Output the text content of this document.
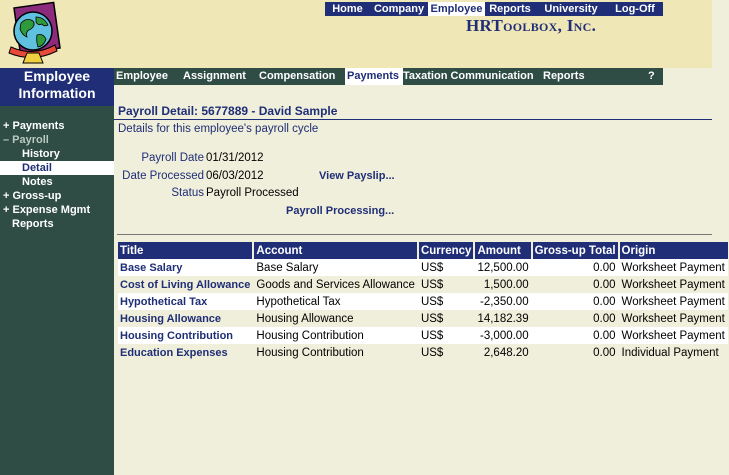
Home	Company Employee Reports	University	Log-Off
HRToolbox, Inc.
Employee
Information
+ Payments
– Payroll
History
Detail
Notes
+ Gross-up
+ Expense Mgmt
Reports
Employee	Assignment	Compensation	Payments Taxation Communication Reports	?
Payroll Detail: 5677889 - David Sample
Details for this employee's payroll cycle
Payroll Date 01/31/2012
Date Processed 06/03/2012	View Payslip...
Status Payroll Processed
Payroll Processing...
Title	Account	Currency	Amount	Gross-up Total	Origin
Base Salary	Base Salary	US$	12,500.00	0.00	Worksheet Payment
Cost of Living Allowance	Goods and Services Allowance	US$	1,500.00	0.00	Worksheet Payment
Hypothetical Tax	Hypothetical Tax	US$	-2,350.00	0.00	Worksheet Payment
Housing Allowance	Housing Allowance	US$	14,182.39	0.00	Worksheet Payment
Housing Contribution	Housing Contribution	US$	-3,000.00	0.00	Worksheet Payment
Education Expenses	Housing Contribution	US$	2,648.20	0.00	Individual Payment
